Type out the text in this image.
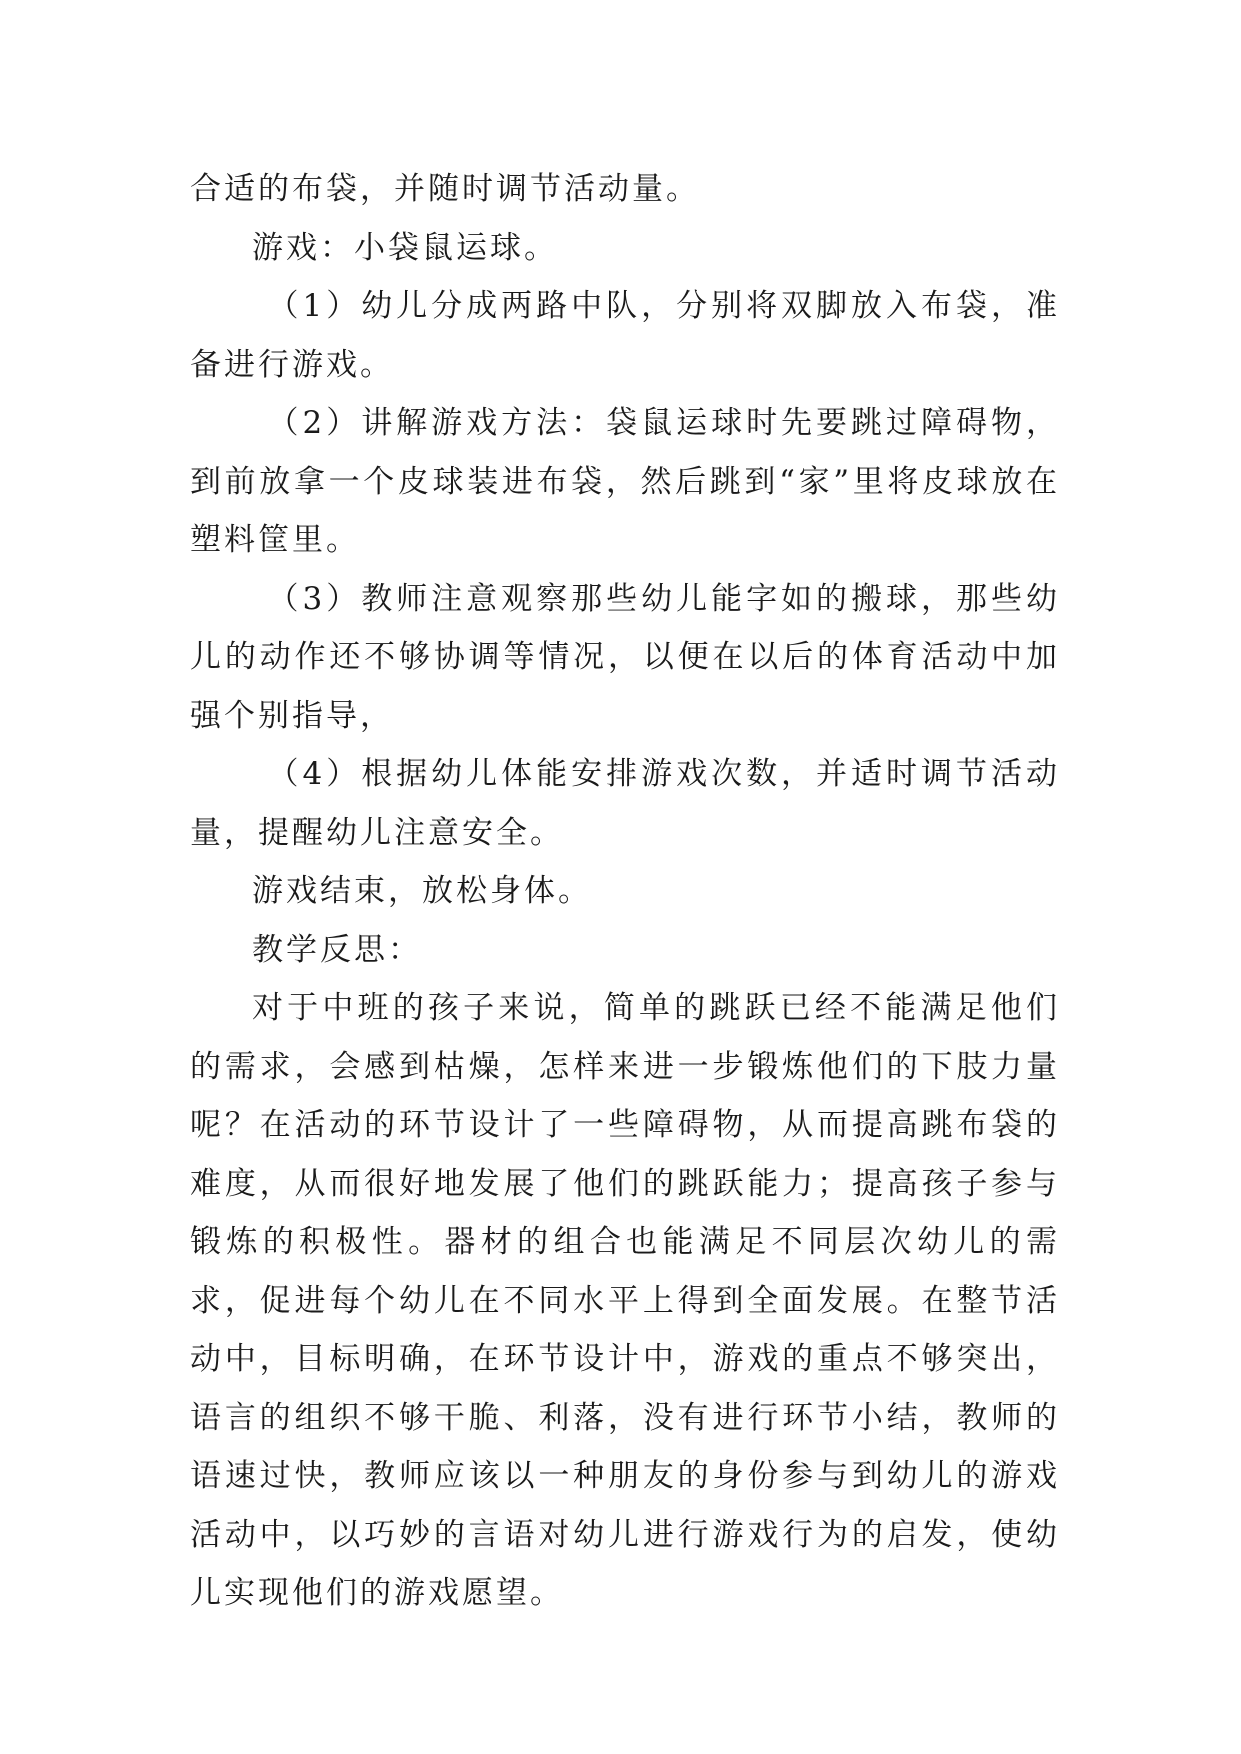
合适的布袋，并随时调节活动量。

游戏：小袋鼠运球。

（1）幼儿分成两路中队，分别将双脚放入布袋，准备进行游戏。

（2）讲解游戏方法：袋鼠运球时先要跳过障碍物，到前放拿一个皮球装进布袋，然后跳到“家”里将皮球放在塑料筐里。

（3）教师注意观察那些幼儿能字如的搬球，那些幼儿的动作还不够协调等情况，以便在以后的体育活动中加强个别指导，

（4）根据幼儿体能安排游戏次数，并适时调节活动量，提醒幼儿注意安全。

游戏结束，放松身体。

教学反思：

对于中班的孩子来说，简单的跳跃已经不能满足他们的需求，会感到枯燥，怎样来进一步锻炼他们的下肢力量呢？在活动的环节设计了一些障碍物，从而提高跳布袋的难度，从而很好地发展了他们的跳跃能力；提高孩子参与锻炼的积极性。器材的组合也能满足不同层次幼儿的需求，促进每个幼儿在不同水平上得到全面发展。在整节活动中，目标明确，在环节设计中，游戏的重点不够突出，语言的组织不够干脆、利落，没有进行环节小结，教师的语速过快，教师应该以一种朋友的身份参与到幼儿的游戏活动中，以巧妙的言语对幼儿进行游戏行为的启发，使幼儿实现他们的游戏愿望。
